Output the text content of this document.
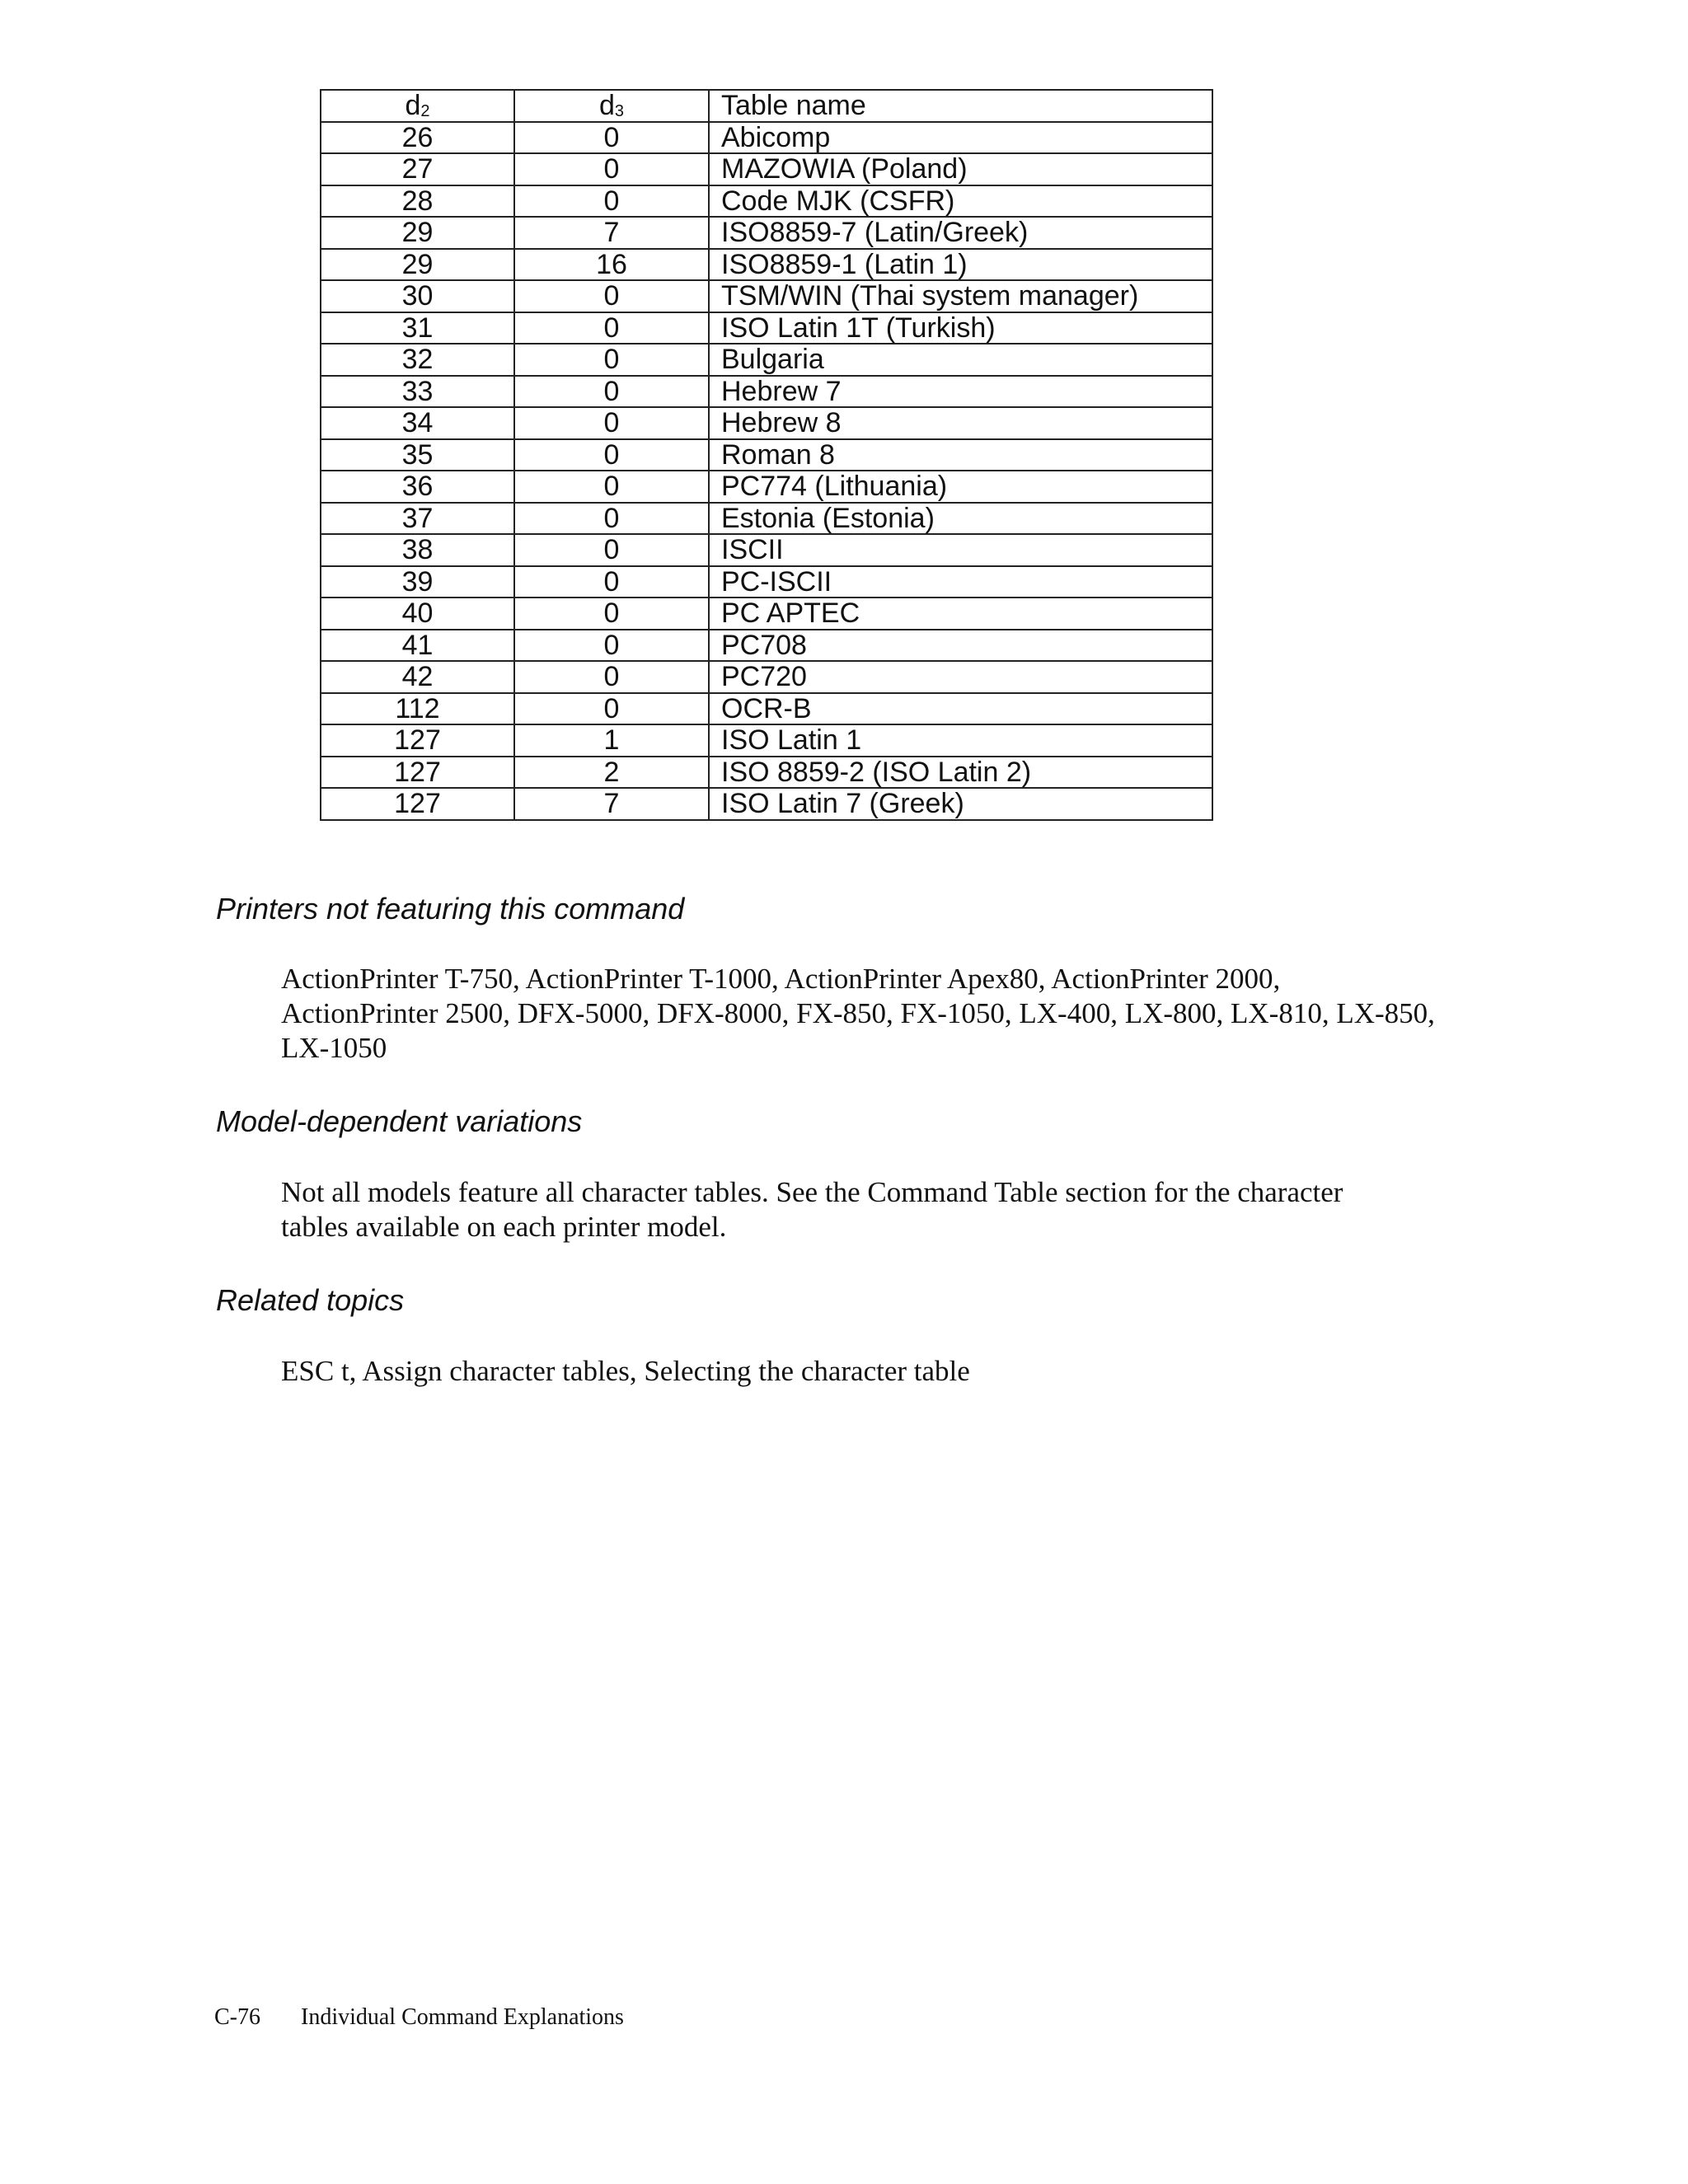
$d_2$	$d_3$	Table name
26	0	Abicomp
27	0	MAZOWIA (Poland)
28	0	Code MJK (CSFR)
29	7	ISO8859-7 (Latin/Greek)
29	16	ISO8859-1 (Latin 1)
30	0	TSM/WIN (Thai system manager)
31	0	ISO Latin 1T (Turkish)
32	0	Bulgaria
33	0	Hebrew 7
34	0	Hebrew 8
35	0	Roman 8
36	0	PC774 (Lithuania)
37	0	Estonia (Estonia)
38	0	ISCII
39	0	PC-ISCII
40	0	PC APTEC
41	0	PC708
42	0	PC720
112	0	OCR-B
127	1	ISO Latin 1
127	2	ISO 8859-2 (ISO Latin 2)
127	7	ISO Latin 7 (Greek)
Printers not featuring this command

ActionPrinter T-750, ActionPrinter T-1000, ActionPrinter Apex80, ActionPrinter 2000,
ActionPrinter 2500, DFX-5000, DFX-8000, FX-850, FX-1050, LX-400, LX-800, LX-810, LX-850,
LX-1050

Model-dependent variations

Not all models feature all character tables. See the Command Table section for the character
tables available on each printer model.

Related topics

ESC t, Assign character tables, Selecting the character table

C-76 Individual Command Explanations
